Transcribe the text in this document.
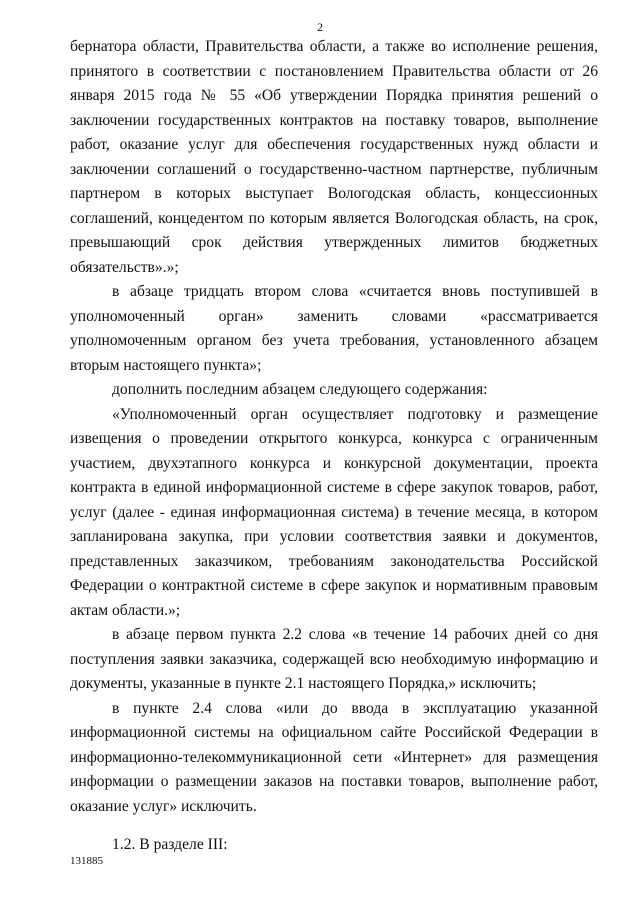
2

бернатора области, Правительства области, а также во исполнение решения, принятого в соответствии с постановлением Правительства области от 26 января 2015 года № 55 «Об утверждении Порядка принятия решений о заключении государственных контрактов на поставку товаров, выполнение работ, оказание услуг для обеспечения государственных нужд области и заключении соглашений о государственно-частном партнерстве, публичным партнером в которых выступает Вологодская область, концессионных соглашений, концедентом по которым является Вологодская область, на срок, превышающий срок действия утвержденных лимитов бюджетных обязательств».»;

в абзаце тридцать втором слова «считается вновь поступившей в уполномоченный орган» заменить словами «рассматривается уполномоченным органом без учета требования, установленного абзацем вторым настоящего пункта»;

дополнить последним абзацем следующего содержания:

«Уполномоченный орган осуществляет подготовку и размещение извещения о проведении открытого конкурса, конкурса с ограниченным участием, двухэтапного конкурса и конкурсной документации, проекта контракта в единой информационной системе в сфере закупок товаров, работ, услуг (далее - единая информационная система) в течение месяца, в котором запланирована закупка, при условии соответствия заявки и документов, представленных заказчиком, требованиям законодательства Российской Федерации о контрактной системе в сфере закупок и нормативным правовым актам области.»;

в абзаце первом пункта 2.2 слова «в течение 14 рабочих дней со дня поступления заявки заказчика, содержащей всю необходимую информацию и документы, указанные в пункте 2.1 настоящего Порядка,» исключить;

в пункте 2.4 слова «или до ввода в эксплуатацию указанной информационной системы на официальном сайте Российской Федерации в информационно-телекоммуникационной сети «Интернет» для размещения информации о размещении заказов на поставки товаров, выполнение работ, оказание услуг» исключить.

1.2. В разделе III:

131885
